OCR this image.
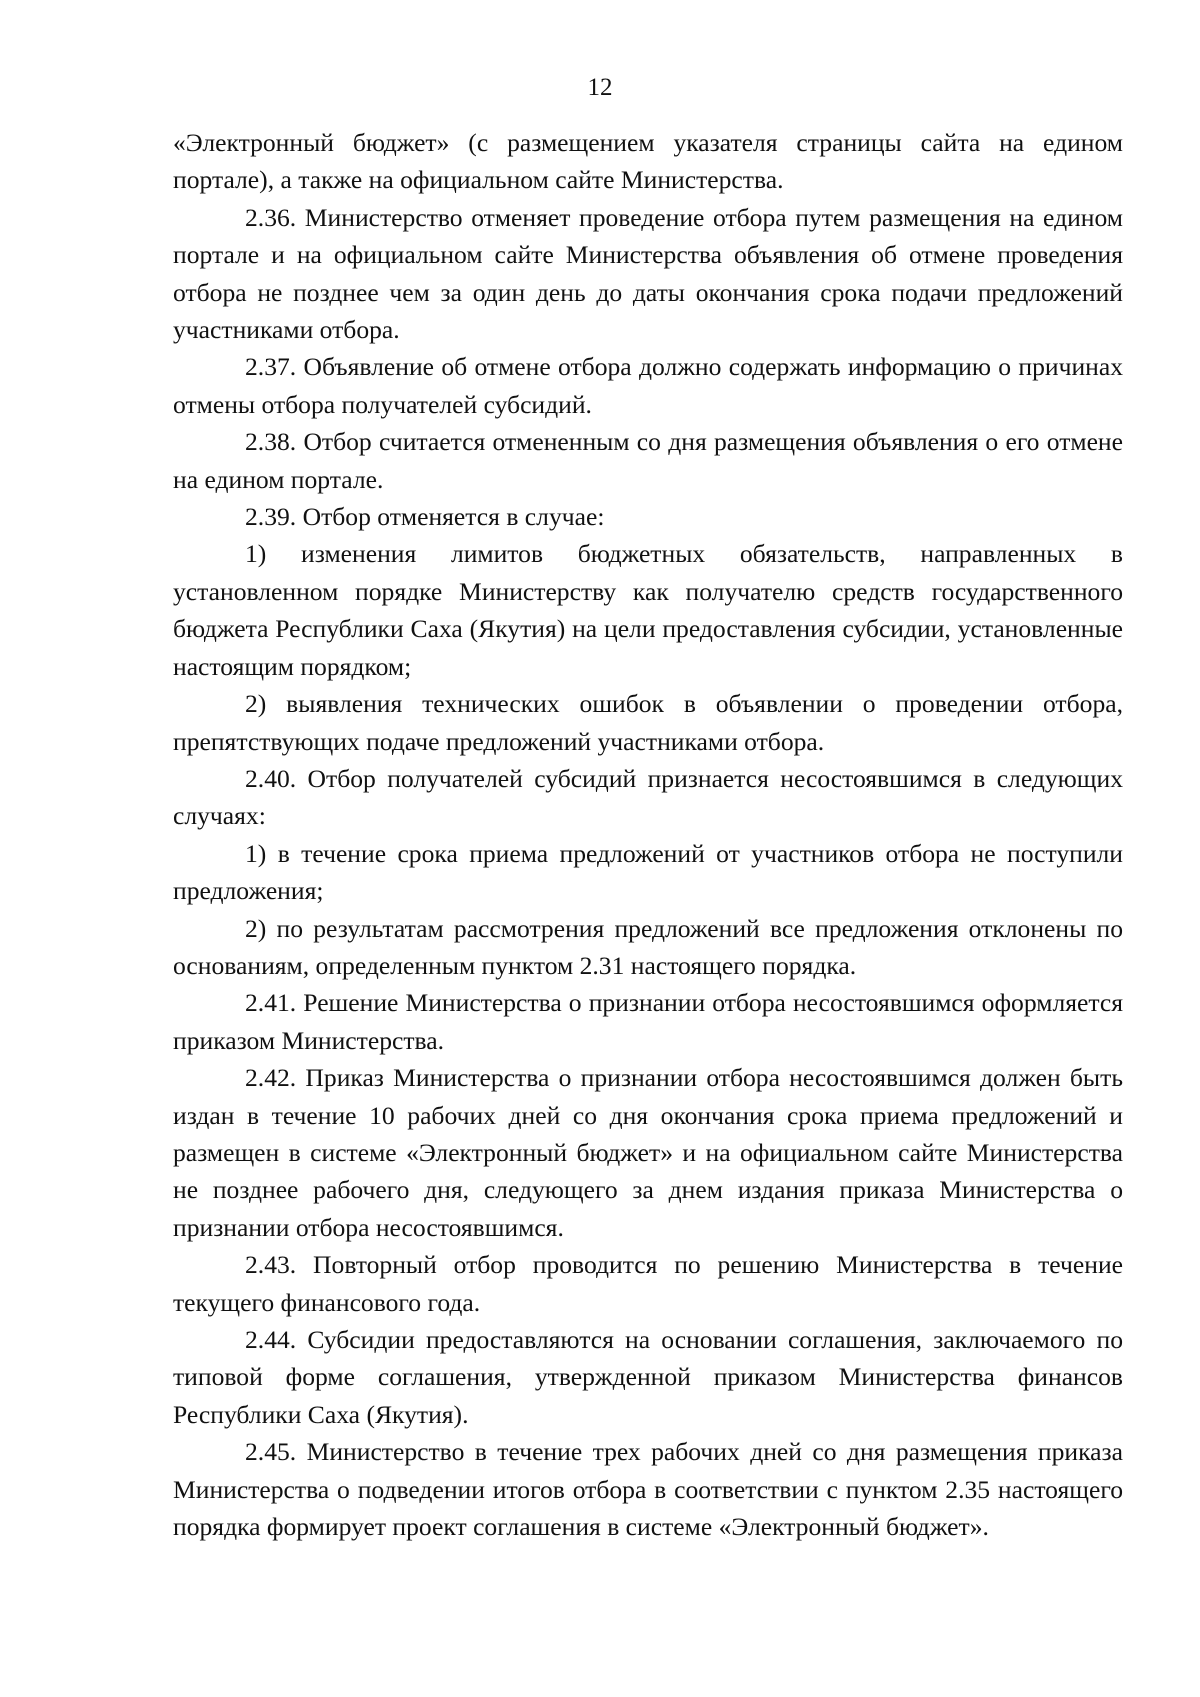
12

«Электронный бюджет» (с размещением указателя страницы сайта на едином портале), а также на официальном сайте Министерства.

2.36. Министерство отменяет проведение отбора путем размещения на едином портале и на официальном сайте Министерства объявления об отмене проведения отбора не позднее чем за один день до даты окончания срока подачи предложений участниками отбора.

2.37. Объявление об отмене отбора должно содержать информацию о причинах отмены отбора получателей субсидий.

2.38. Отбор считается отмененным со дня размещения объявления о его отмене на едином портале.

2.39. Отбор отменяется в случае:

1) изменения лимитов бюджетных обязательств, направленных в установленном порядке Министерству как получателю средств государственного бюджета Республики Саха (Якутия) на цели предоставления субсидии, установленные настоящим порядком;

2) выявления технических ошибок в объявлении о проведении отбора, препятствующих подаче предложений участниками отбора.

2.40. Отбор получателей субсидий признается несостоявшимся в следующих случаях:

1) в течение срока приема предложений от участников отбора не поступили предложения;

2) по результатам рассмотрения предложений все предложения отклонены по основаниям, определенным пунктом 2.31 настоящего порядка.

2.41. Решение Министерства о признании отбора несостоявшимся оформляется приказом Министерства.

2.42. Приказ Министерства о признании отбора несостоявшимся должен быть издан в течение 10 рабочих дней со дня окончания срока приема предложений и размещен в системе «Электронный бюджет» и на официальном сайте Министерства не позднее рабочего дня, следующего за днем издания приказа Министерства о признании отбора несостоявшимся.

2.43. Повторный отбор проводится по решению Министерства в течение текущего финансового года.

2.44. Субсидии предоставляются на основании соглашения, заключаемого по типовой форме соглашения, утвержденной приказом Министерства финансов Республики Саха (Якутия).

2.45. Министерство в течение трех рабочих дней со дня размещения приказа Министерства о подведении итогов отбора в соответствии с пунктом 2.35 настоящего порядка формирует проект соглашения в системе «Электронный бюджет».
